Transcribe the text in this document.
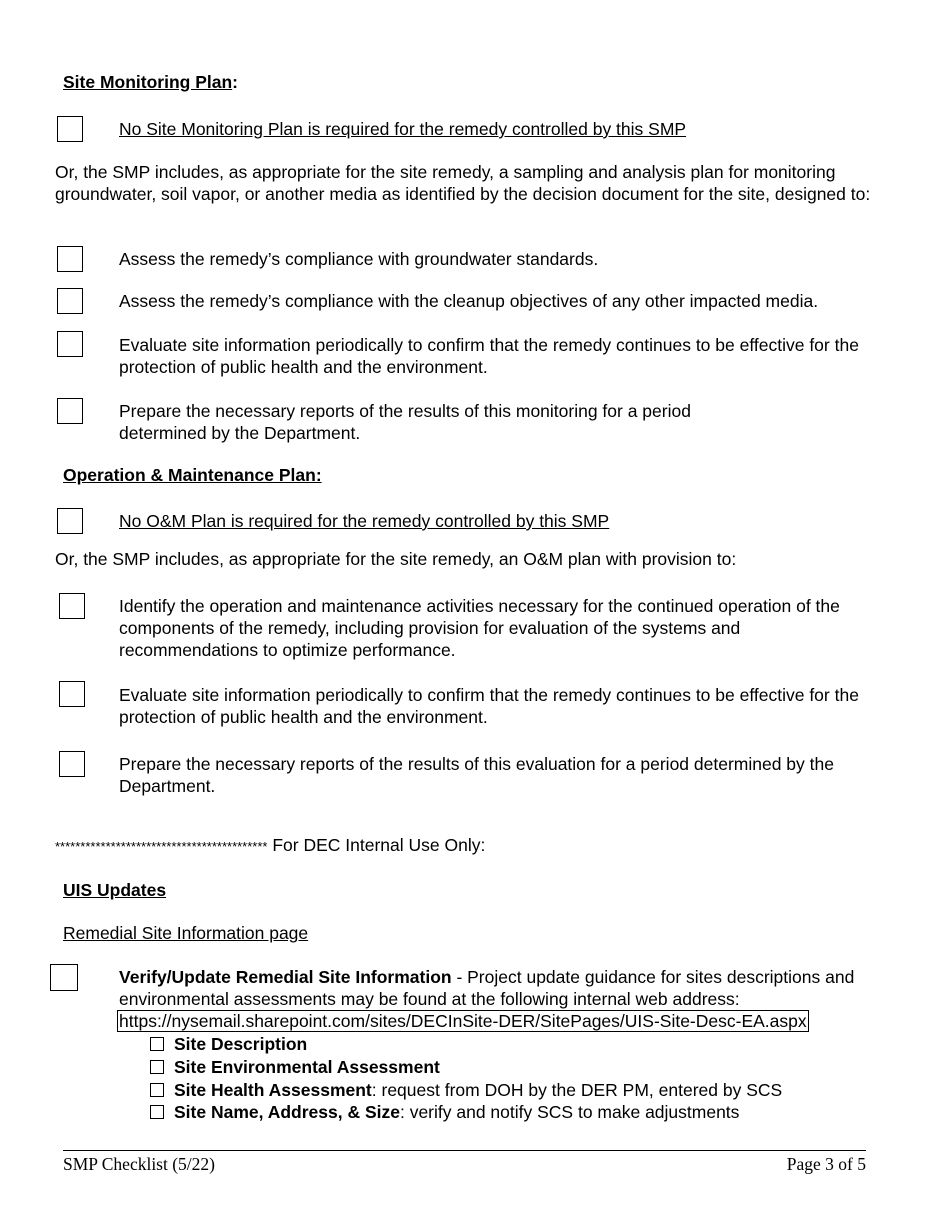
Site Monitoring Plan:
No Site Monitoring Plan is required for the remedy controlled by this SMP
Or, the SMP includes, as appropriate for the site remedy, a sampling and analysis plan for monitoring groundwater, soil vapor, or another media as identified by the decision document for the site, designed to:
Assess the remedy’s compliance with groundwater standards.
Assess the remedy’s compliance with the cleanup objectives of any other impacted media.
Evaluate site information periodically to confirm that the remedy continues to be effective for the protection of public health and the environment.
Prepare the necessary reports of the results of this monitoring for a period determined by the Department.
Operation & Maintenance Plan:
No O&M Plan is required for the remedy controlled by this SMP
Or, the SMP includes, as appropriate for the site remedy, an O&M plan with provision to:
Identify the operation and maintenance activities necessary for the continued operation of the components of the remedy, including provision for evaluation of the systems and recommendations to optimize performance.
Evaluate site information periodically to confirm that the remedy continues to be effective for the protection of public health and the environment.
Prepare the necessary reports of the results of this evaluation for a period determined by the Department.
****************************************** For DEC Internal Use Only:
UIS Updates
Remedial Site Information page
Verify/Update Remedial Site Information - Project update guidance for sites descriptions and environmental assessments may be found at the following internal web address: https://nysemail.sharepoint.com/sites/DECInSite-DER/SitePages/UIS-Site-Desc-EA.aspx
Site Description
Site Environmental Assessment
Site Health Assessment: request from DOH by the DER PM, entered by SCS
Site Name, Address, & Size: verify and notify SCS to make adjustments
SMP Checklist (5/22)	Page 3 of 5
